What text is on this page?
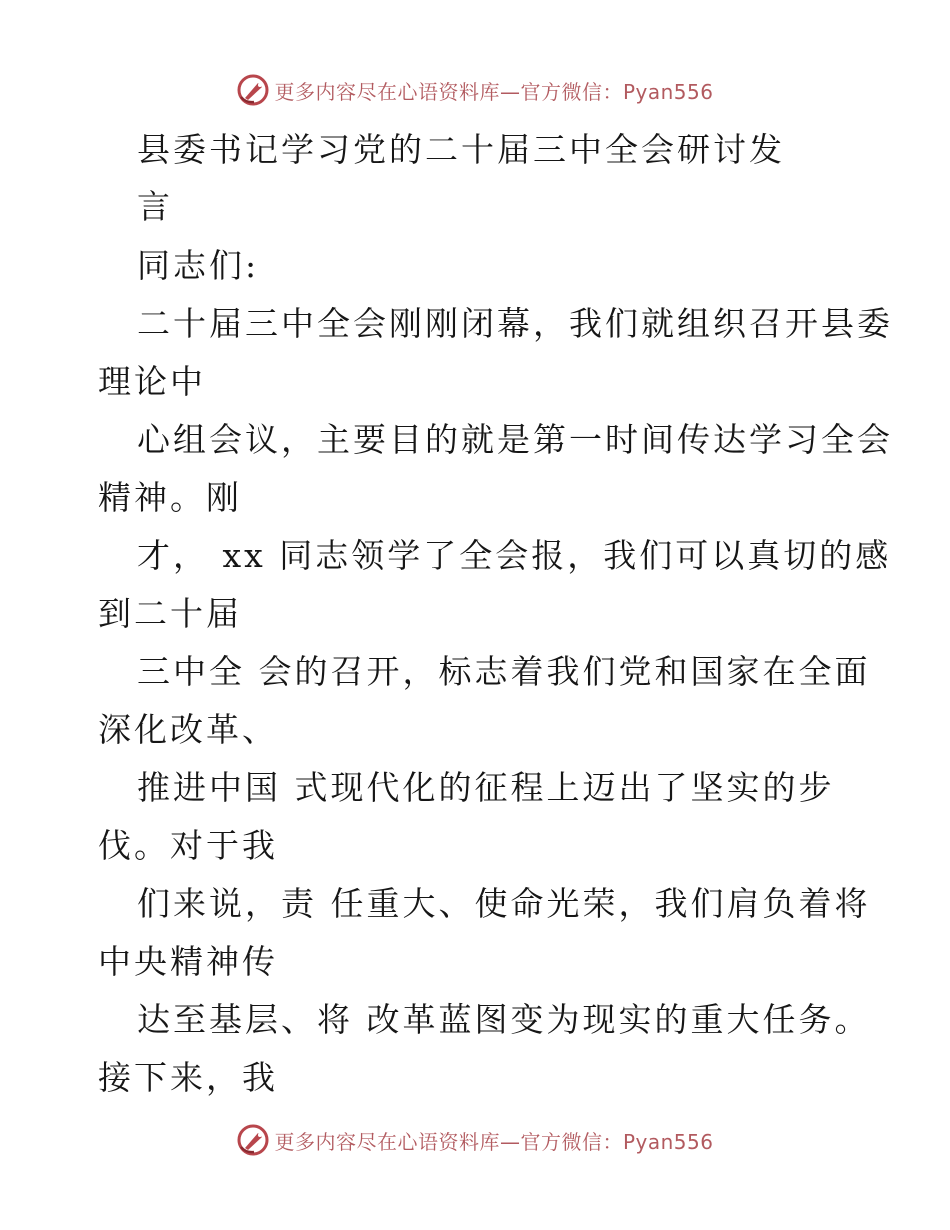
更多内容尽在心语资料库—官方微信：Pyan556
县委书记学习党的二十届三中全会研讨发
言
同志们:
二十届三中全会刚刚闭幕，我们就组织召开县委
理论中
心组会议，主要目的就是第一时间传达学习全会
精神。刚
才， xx 同志领学了全会报，我们可以真切的感
到二十届
三中全 会的召开，标志着我们党和国家在全面
深化改革、
推进中国 式现代化的征程上迈出了坚实的步
伐。对于我
们来说，责 任重大、使命光荣，我们肩负着将
中央精神传
达至基层、将 改革蓝图变为现实的重大任务。
接下来，我
更多内容尽在心语资料库—官方微信：Pyan556
